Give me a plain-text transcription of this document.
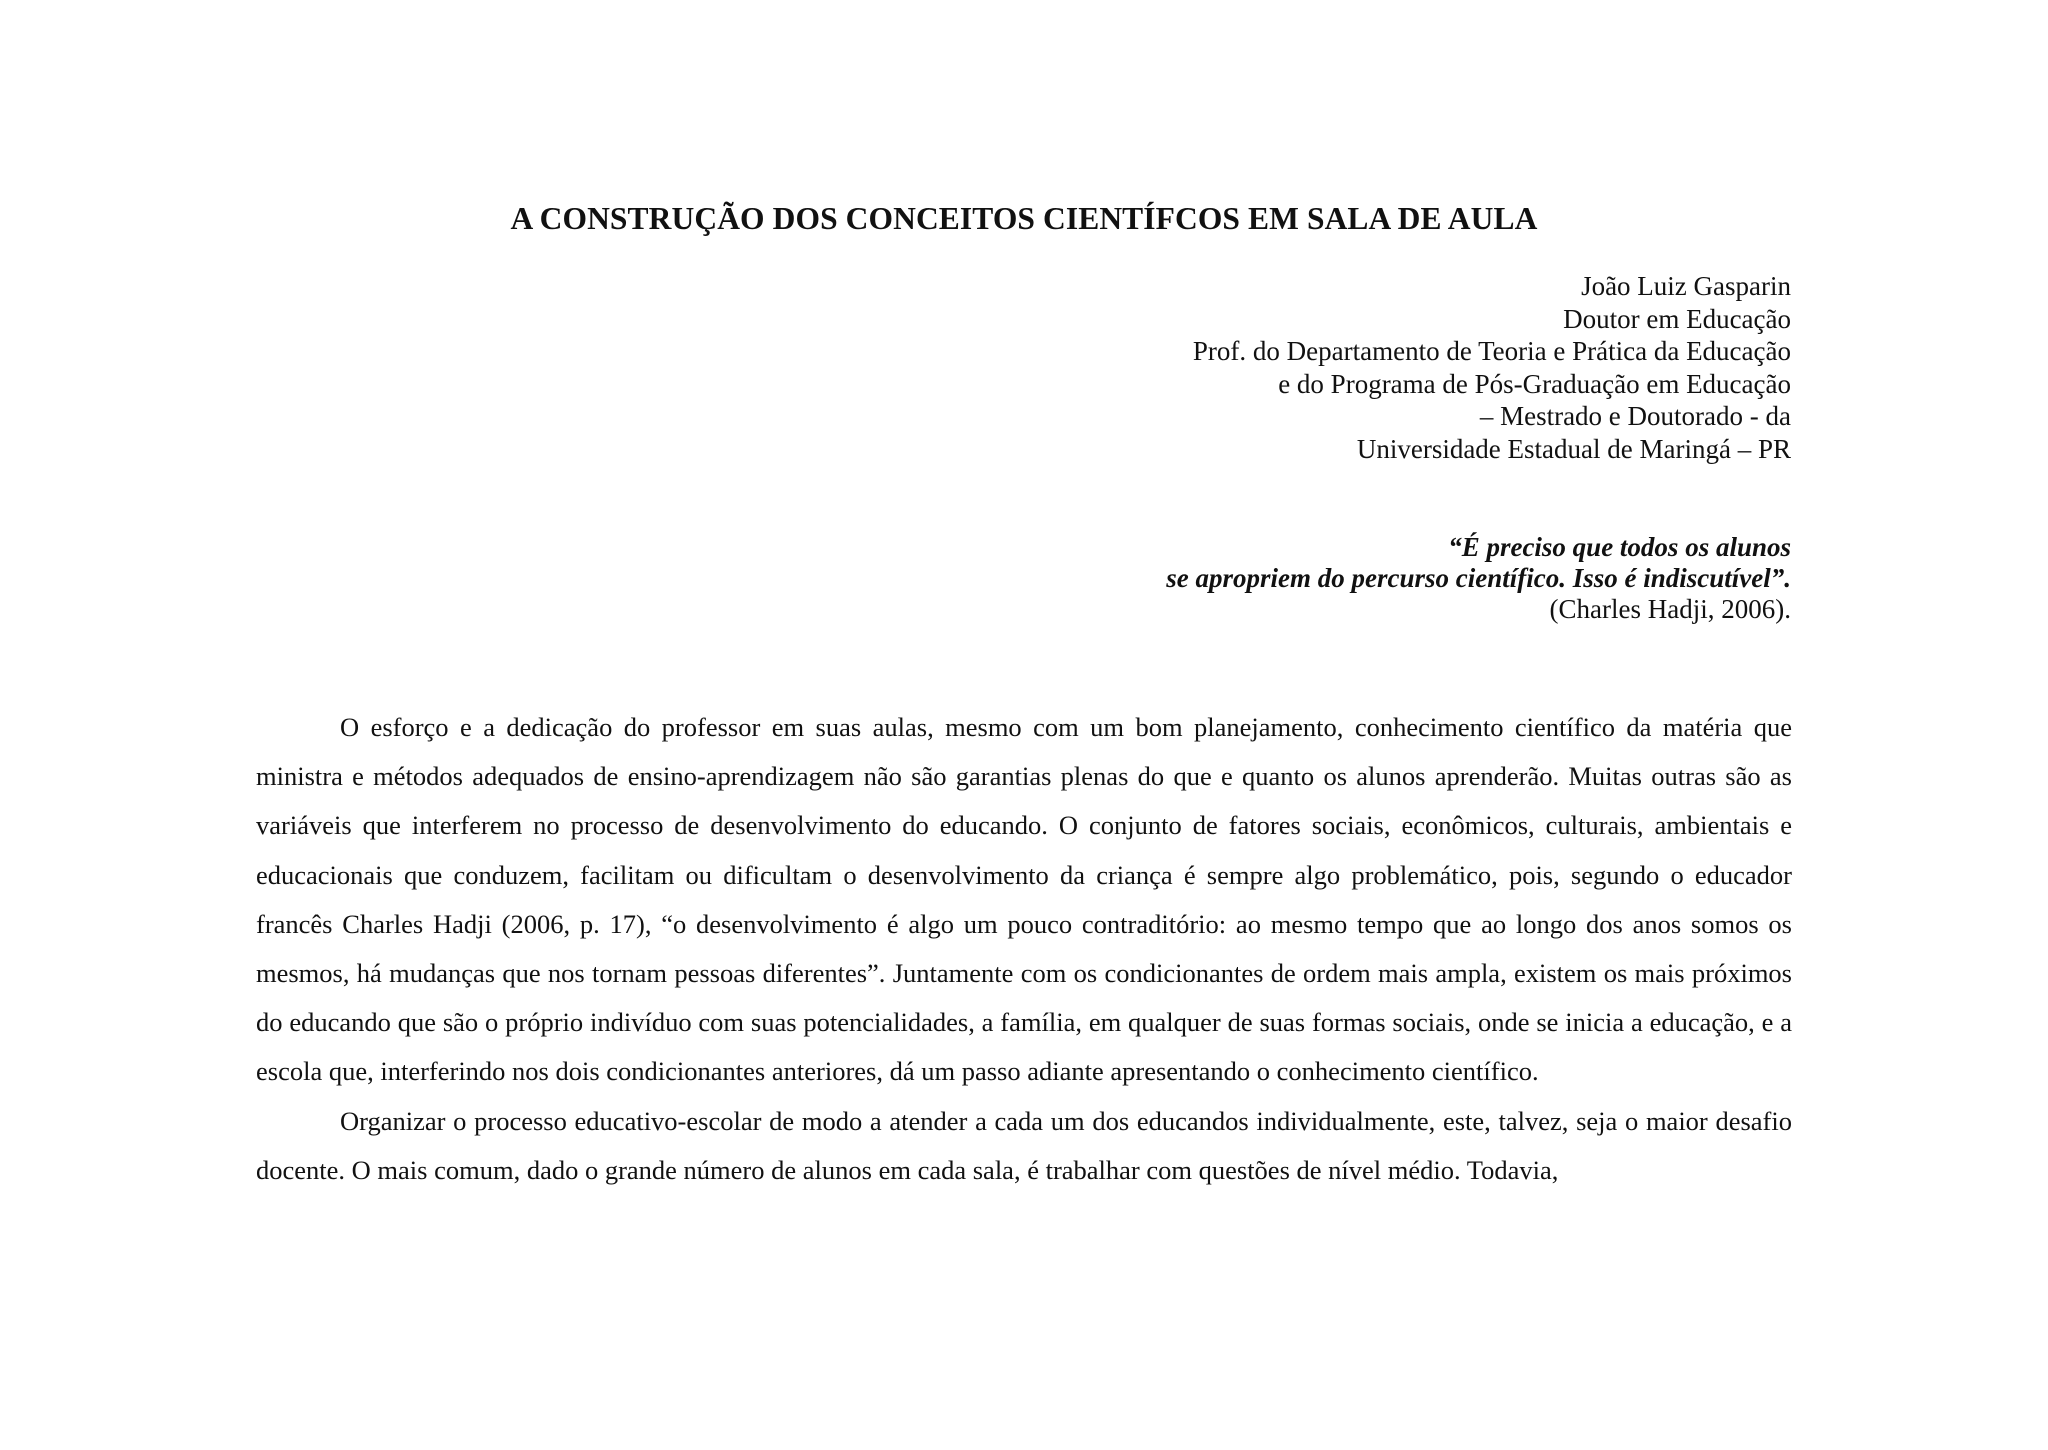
A CONSTRUÇÃO DOS CONCEITOS CIENTÍFCOS EM SALA DE AULA
João Luiz Gasparin
Doutor em Educação
Prof. do Departamento de Teoria e Prática da Educação
e do Programa de Pós-Graduação em Educação
– Mestrado e Doutorado - da
Universidade Estadual de Maringá – PR
“É preciso que todos os alunos
se apropriem do percurso científico. Isso é indiscutível”.
(Charles Hadji, 2006).

O esforço e a dedicação do professor em suas aulas, mesmo com um bom planejamento, conhecimento científico da matéria que ministra e métodos adequados de ensino-aprendizagem não são garantias plenas do que e quanto os alunos aprenderão. Muitas outras são as variáveis que interferem no processo de desenvolvimento do educando. O conjunto de fatores sociais, econômicos, culturais, ambientais e educacionais que conduzem, facilitam ou dificultam o desenvolvimento da criança é sempre algo problemático, pois, segundo o educador francês Charles Hadji (2006, p. 17), “o desenvolvimento é algo um pouco contraditório: ao mesmo tempo que ao longo dos anos somos os mesmos, há mudanças que nos tornam pessoas diferentes”. Juntamente com os condicionantes de ordem mais ampla, existem os mais próximos do educando que são o próprio indivíduo com suas potencialidades, a família, em qualquer de suas formas sociais, onde se inicia a educação, e a escola que, interferindo nos dois condicionantes anteriores, dá um passo adiante apresentando o conhecimento científico.

Organizar o processo educativo-escolar de modo a atender a cada um dos educandos individualmente, este, talvez, seja o maior desafio docente. O mais comum, dado o grande número de alunos em cada sala, é trabalhar com questões de nível médio. Todavia,
